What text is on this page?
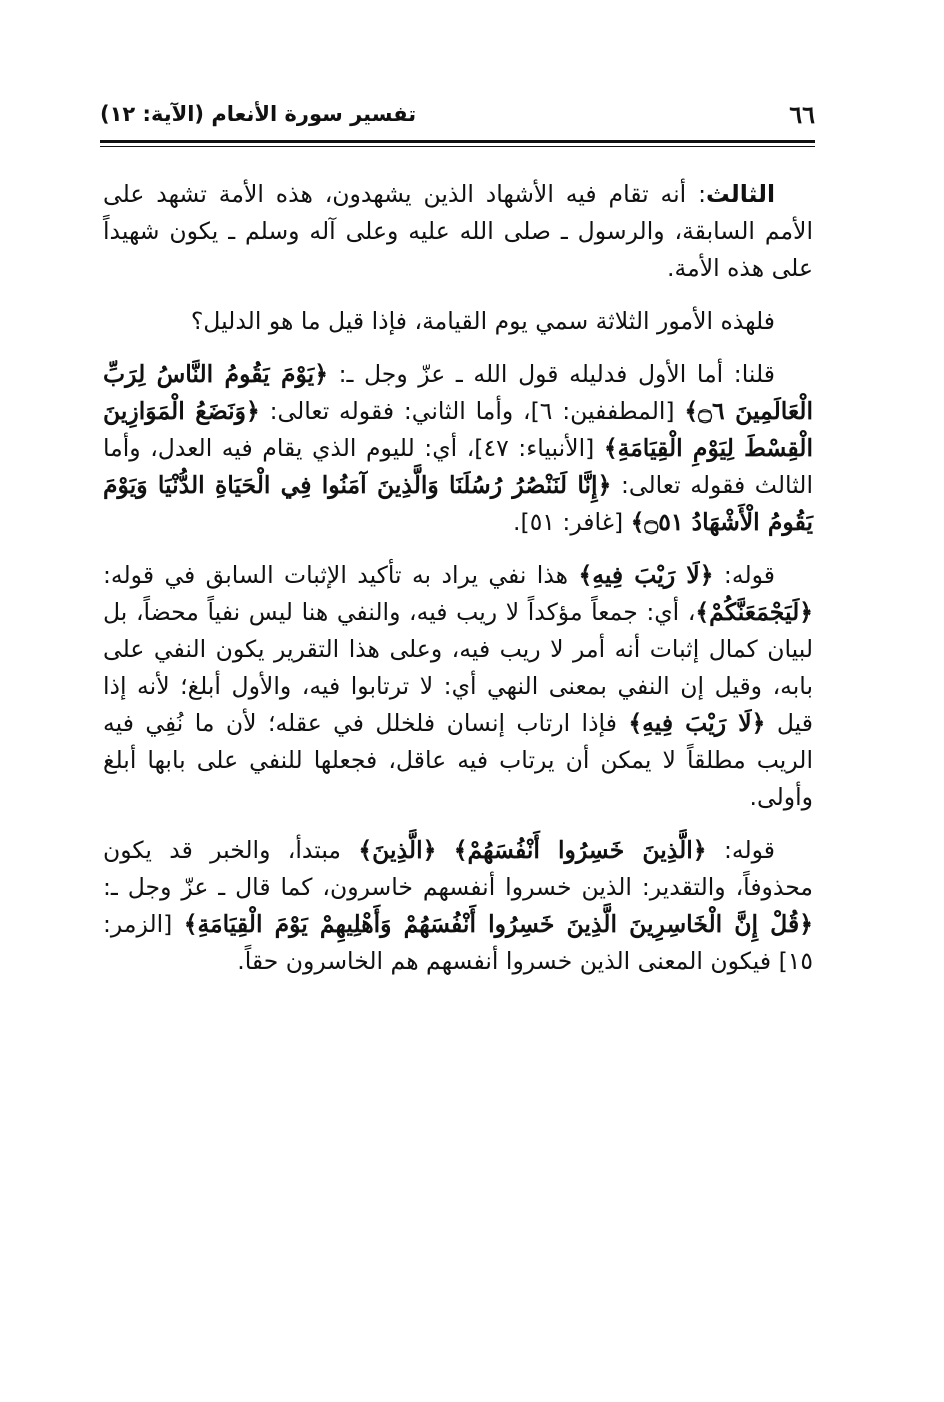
٦٦
تفسير سورة الأنعام (الآية: ١٢)

الثالث: أنه تقام فيه الأشهاد الذين يشهدون، هذه الأمة تشهد على الأمم السابقة، والرسول ـ صلى الله عليه وعلى آله وسلم ـ يكون شهيداً على هذه الأمة.

فلهذه الأمور الثلاثة سمي يوم القيامة، فإذا قيل ما هو الدليل؟

قلنا: أما الأول فدليله قول الله ـ عزّ وجل ـ: ﴿يَوْمَ يَقُومُ النَّاسُ لِرَبِّ الْعَالَمِينَ ۝٦﴾ [المطففين: ٦]، وأما الثاني: فقوله تعالى: ﴿وَنَضَعُ الْمَوَازِينَ الْقِسْطَ لِيَوْمِ الْقِيَامَةِ﴾ [الأنبياء: ٤٧]، أي: لليوم الذي يقام فيه العدل، وأما الثالث فقوله تعالى: ﴿إِنَّا لَنَنْصُرُ رُسُلَنَا وَالَّذِينَ آمَنُوا فِي الْحَيَاةِ الدُّنْيَا وَيَوْمَ يَقُومُ الْأَشْهَادُ ۝٥١﴾ [غافر: ٥١].

قوله: ﴿لَا رَيْبَ فِيهِ﴾ هذا نفي يراد به تأكيد الإثبات السابق في قوله: ﴿لَيَجْمَعَنَّكُمْ﴾، أي: جمعاً مؤكداً لا ريب فيه، والنفي هنا ليس نفياً محضاً، بل لبيان كمال إثبات أنه أمر لا ريب فيه، وعلى هذا التقرير يكون النفي على بابه، وقيل إن النفي بمعنى النهي أي: لا ترتابوا فيه، والأول أبلغ؛ لأنه إذا قيل ﴿لَا رَيْبَ فِيهِ﴾ فإذا ارتاب إنسان فلخلل في عقله؛ لأن ما نُفِي فيه الريب مطلقاً لا يمكن أن يرتاب فيه عاقل، فجعلها للنفي على بابها أبلغ وأولى.

قوله: ﴿الَّذِينَ خَسِرُوا أَنْفُسَهُمْ﴾ ﴿الَّذِينَ﴾ مبتدأ، والخبر قد يكون محذوفاً، والتقدير: الذين خسروا أنفسهم خاسرون، كما قال ـ عزّ وجل ـ: ﴿قُلْ إِنَّ الْخَاسِرِينَ الَّذِينَ خَسِرُوا أَنْفُسَهُمْ وَأَهْلِيهِمْ يَوْمَ الْقِيَامَةِ﴾ [الزمر: ١٥] فيكون المعنى الذين خسروا أنفسهم هم الخاسرون حقاً.
